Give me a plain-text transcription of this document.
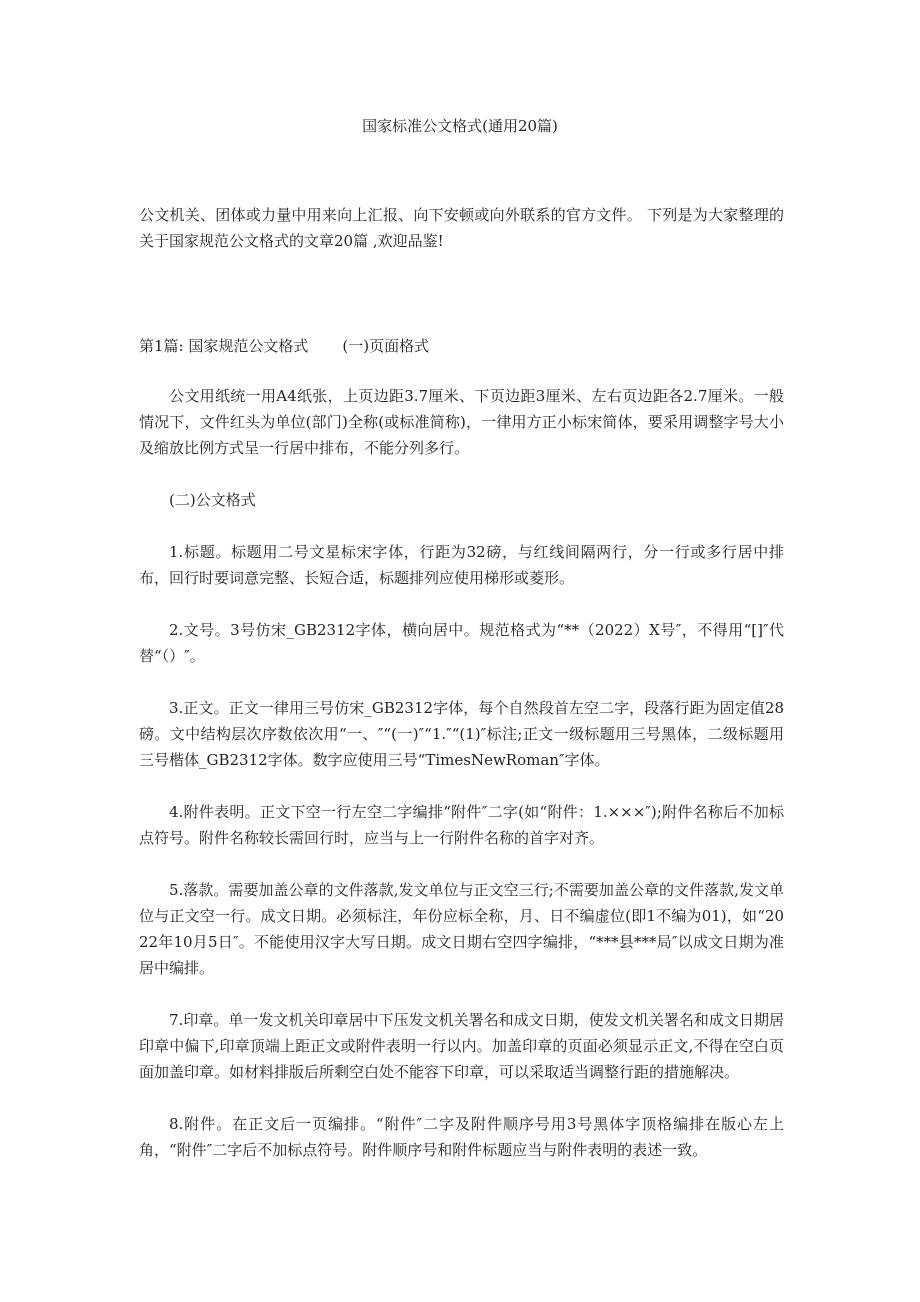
国家标准公文格式(通用20篇)

公文机关、团体或力量中用来向上汇报、向下安顿或向外联系的官方文件。 下列是为大家整理的关于国家规范公文格式的文章20篇 ,欢迎品鉴!

第1篇: 国家规范公文格式 (一)页面格式

公文用纸统一用A4纸张，上页边距3.7厘米、下页边距3厘米、左右页边距各2.7厘米。一般情况下，文件红头为单位(部门)全称(或标准简称)，一律用方正小标宋简体，要采用调整字号大小及缩放比例方式呈一行居中排布，不能分列多行。

(二)公文格式

1.标题。标题用二号文星标宋字体，行距为32磅，与红线间隔两行，分一行或多行居中排布，回行时要词意完整、长短合适，标题排列应使用梯形或菱形。

2.文号。3号仿宋_GB2312字体，横向居中。规范格式为“**（2022）X号″，不得用“[]″代替“（）″。

3.正文。正文一律用三号仿宋_GB2312字体，每个自然段首左空二字，段落行距为固定值28磅。文中结构层次序数依次用“一、″“(一)″“1.″“(1)″标注;正文一级标题用三号黑体，二级标题用三号楷体_GB2312字体。数字应使用三号“TimesNewRoman″字体。

4.附件表明。正文下空一行左空二字编排“附件″二字(如“附件：1.×××″);附件名称后不加标点符号。附件名称较长需回行时，应当与上一行附件名称的首字对齐。

5.落款。需要加盖公章的文件落款,发文单位与正文空三行;不需要加盖公章的文件落款,发文单位与正文空一行。成文日期。必须标注，年份应标全称，月、日不编虚位(即1不编为01)，如“2022年10月5日″。不能使用汉字大写日期。成文日期右空四字编排，“***县***局″以成文日期为准居中编排。

7.印章。单一发文机关印章居中下压发文机关署名和成文日期，使发文机关署名和成文日期居印章中偏下,印章顶端上距正文或附件表明一行以内。加盖印章的页面必须显示正文,不得在空白页面加盖印章。如材料排版后所剩空白处不能容下印章，可以采取适当调整行距的措施解决。

8.附件。在正文后一页编排。“附件″二字及附件顺序号用3号黑体字顶格编排在版心左上角，“附件″二字后不加标点符号。附件顺序号和附件标题应当与附件表明的表述一致。
